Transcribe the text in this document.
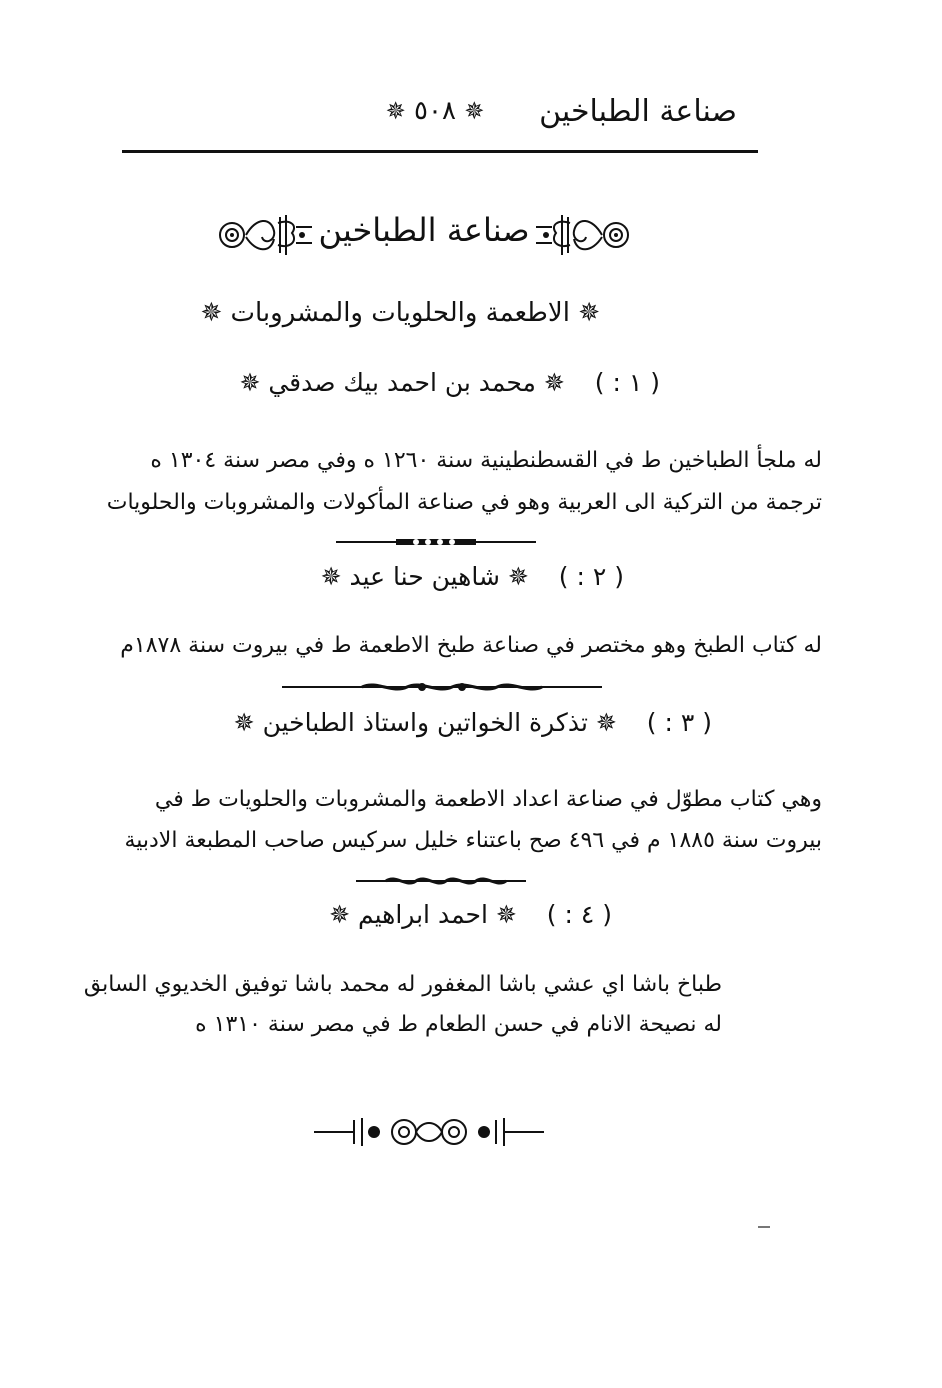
صناعة الطباخين
✵ ٥٠٨ ✵
صناعة الطباخين
✵ الاطعمة والحلويات والمشروبات ✵
( ١ : ) ✵ محمد بن احمد بيك صدقي ✵
له ملجأ الطباخين ط في القسطنطينية سنة ١٢٦٠ ه وفي مصر سنة ١٣٠٤ ه
ترجمة من التركية الى العربية وهو في صناعة المأكولات والمشروبات والحلويات
( ٢ : ) ✵ شاهين حنا عيد ✵
له كتاب الطبخ وهو مختصر في صناعة طبخ الاطعمة ط في بيروت سنة ١٨٧٨م
( ٣ : ) ✵ تذكرة الخواتين واستاذ الطباخين ✵
وهي كتاب مطوّل في صناعة اعداد الاطعمة والمشروبات والحلويات ط في
بيروت سنة ١٨٨٥ م في ٤٩٦ صح باعتناء خليل سركيس صاحب المطبعة الادبية
( ٤ : ) ✵ احمد ابراهيم ✵
طباخ باشا اي عشي باشا المغفور له محمد باشا توفيق الخديوي السابق
له نصيحة الانام في حسن الطعام ط في مصر سنة ١٣١٠ ه
